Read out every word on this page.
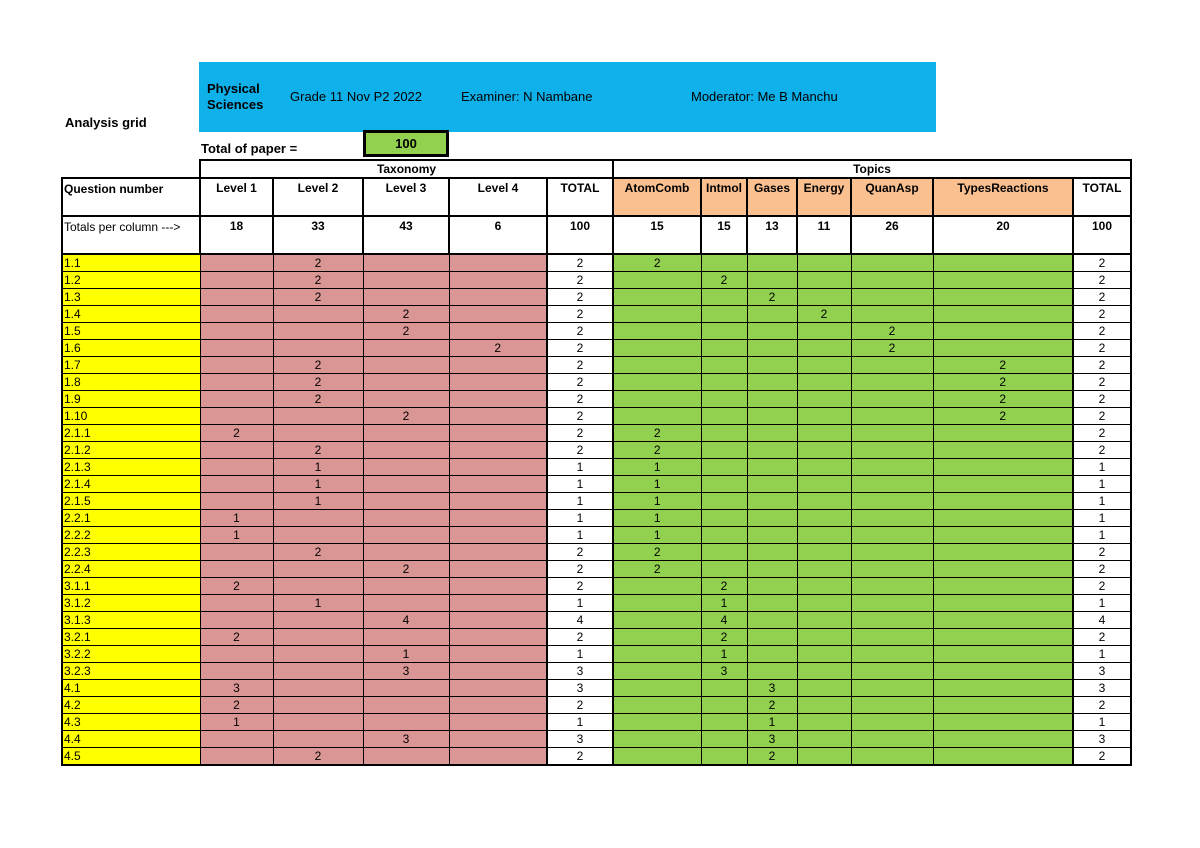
Analysis grid
Physical Sciences
Grade 11 Nov P2 2022	Examiner: N Nambane	Moderator: Me B Manchu
Total of paper =	100
	Taxonomy					Topics						
Question number	Level 1	Level 2	Level 3	Level 4	TOTAL	AtomComb	Intmol	Gases	Energy	QuanAsp	TypesReactions	TOTAL
Totals per column --->	18	33	43	6	100	15	15	13	11	26	20	100
1.1		2			2	2						2
1.2		2			2		2					2
1.3		2			2			2				2
1.4			2		2				2			2
1.5			2		2					2		2
1.6				2	2					2		2
1.7		2			2						2	2
1.8		2			2						2	2
1.9		2			2						2	2
1.10			2		2						2	2
2.1.1	2				2	2						2
2.1.2		2			2	2						2
2.1.3		1			1	1						1
2.1.4		1			1	1						1
2.1.5		1			1	1						1
2.2.1	1				1	1						1
2.2.2	1				1	1						1
2.2.3		2			2	2						2
2.2.4			2		2	2						2
3.1.1	2				2		2					2
3.1.2		1			1		1					1
3.1.3			4		4		4					4
3.2.1	2				2		2					2
3.2.2			1		1		1					1
3.2.3			3		3		3					3
4.1	3				3			3				3
4.2	2				2			2				2
4.3	1				1			1				1
4.4			3		3			3				3
4.5		2			2			2				2
